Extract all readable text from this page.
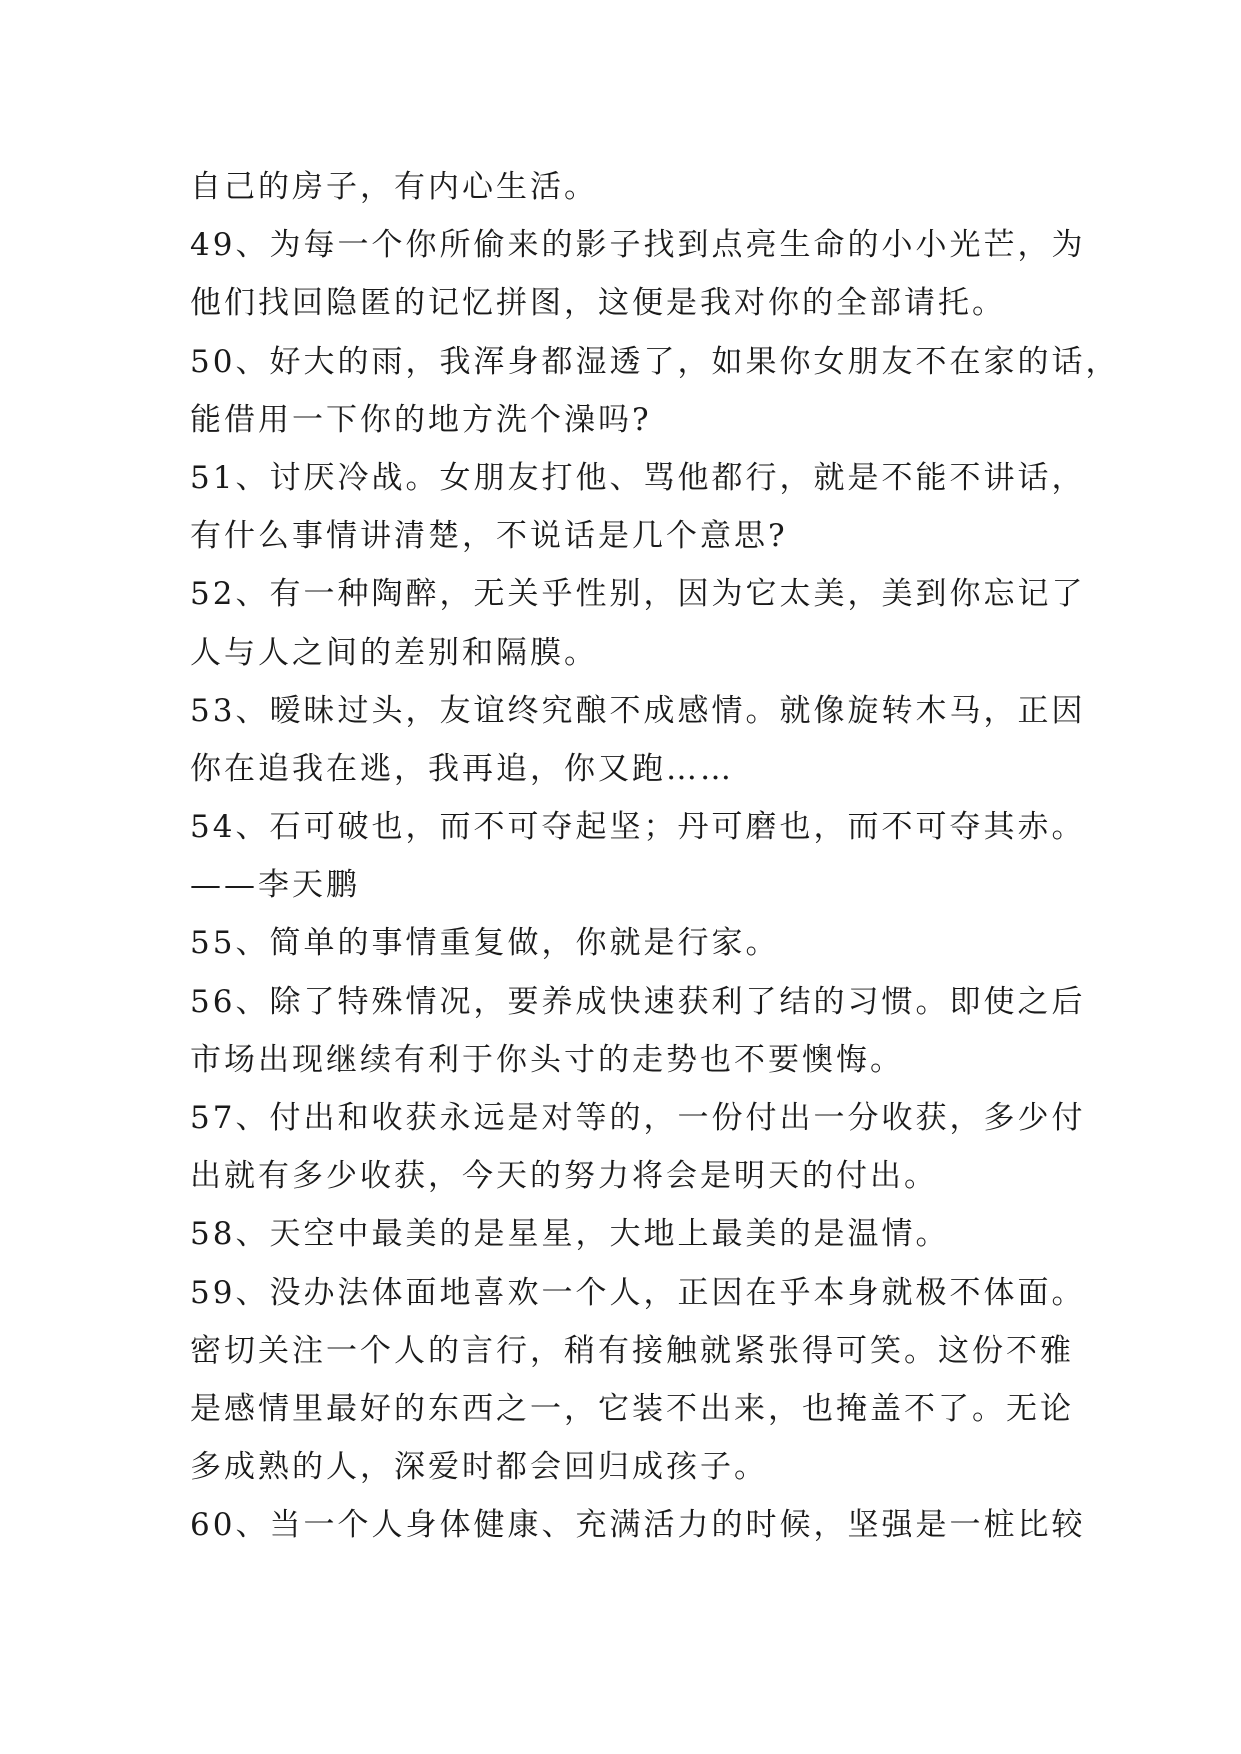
自己的房子，有内心生活。
49、为每一个你所偷来的影子找到点亮生命的小小光芒，为
他们找回隐匿的记忆拼图，这便是我对你的全部请托。
50、好大的雨，我浑身都湿透了，如果你女朋友不在家的话，
能借用一下你的地方洗个澡吗?
51、讨厌冷战。女朋友打他、骂他都行，就是不能不讲话，
有什么事情讲清楚，不说话是几个意思?
52、有一种陶醉，无关乎性别，因为它太美，美到你忘记了
人与人之间的差别和隔膜。
53、暧昧过头，友谊终究酿不成感情。就像旋转木马，正因
你在追我在逃，我再追，你又跑……
54、石可破也，而不可夺起坚；丹可磨也，而不可夺其赤。
——李天鹏
55、简单的事情重复做，你就是行家。
56、除了特殊情况，要养成快速获利了结的习惯。即使之后
市场出现继续有利于你头寸的走势也不要懊悔。
57、付出和收获永远是对等的，一份付出一分收获，多少付
出就有多少收获，今天的努力将会是明天的付出。
58、天空中最美的是星星，大地上最美的是温情。
59、没办法体面地喜欢一个人，正因在乎本身就极不体面。
密切关注一个人的言行，稍有接触就紧张得可笑。这份不雅
是感情里最好的东西之一，它装不出来，也掩盖不了。无论
多成熟的人，深爱时都会回归成孩子。
60、当一个人身体健康、充满活力的时候，坚强是一桩比较
